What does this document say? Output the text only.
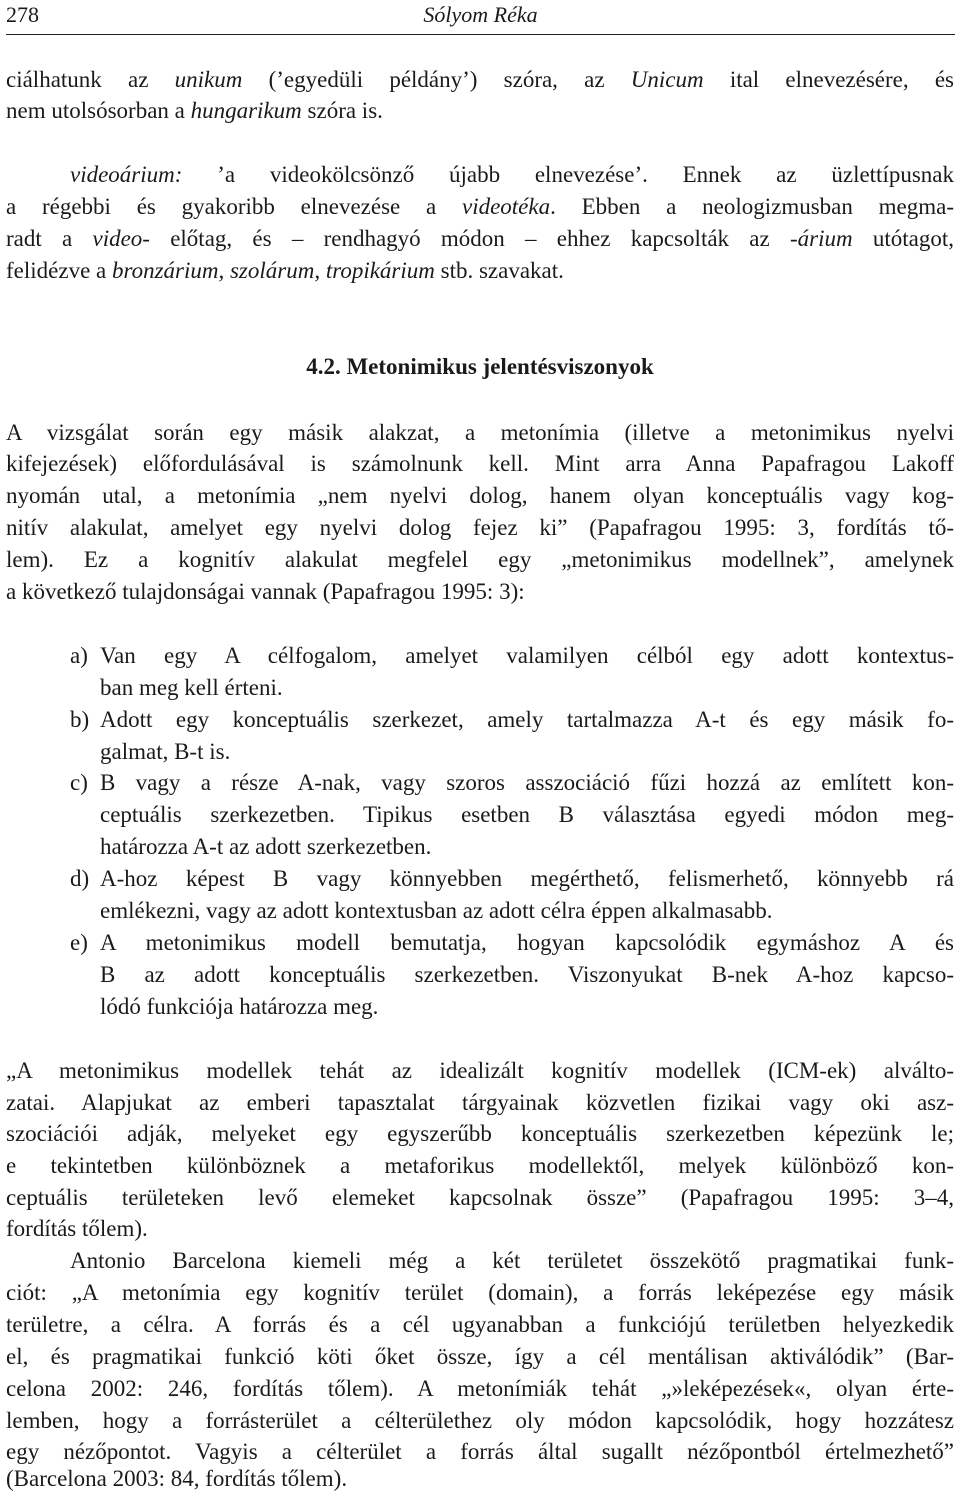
278	Sólyom Réka
ciálhatunk az unikum (’egyedüli példány’) szóra, az Unicum ital elnevezésére, és
nem utolsósorban a hungarikum szóra is.
videoárium: ’a videokölcsönző újabb elnevezése’. Ennek az üzlettípusnak
a régebbi és gyakoribb elnevezése a videotéka. Ebben a neologizmusban megma-
radt a video- előtag, és – rendhagyó módon – ehhez kapcsolták az -árium utótagot,
felidézve a bronzárium, szolárum, tropikárium stb. szavakat.
4.2. Metonimikus jelentésviszonyok
A vizsgálat során egy másik alakzat, a metonímia (illetve a metonimikus nyelvi
kifejezések) előfordulásával is számolnunk kell. Mint arra Anna Papafragou Lakoff
nyomán utal, a metonímia „nem nyelvi dolog, hanem olyan konceptuális vagy kog-
nitív alakulat, amelyet egy nyelvi dolog fejez ki” (Papafragou 1995: 3, fordítás tő-
lem). Ez a kognitív alakulat megfelel egy „metonimikus modellnek”, amelynek
a következő tulajdonságai vannak (Papafragou 1995: 3):
a) Van egy A célfogalom, amelyet valamilyen célból egy adott kontextus-
ban meg kell érteni.
b) Adott egy konceptuális szerkezet, amely tartalmazza A-t és egy másik fo-
galmat, B-t is.
c) B vagy a része A-nak, vagy szoros asszociáció fűzi hozzá az említett kon-
ceptuális szerkezetben. Tipikus esetben B választása egyedi módon meg-
határozza A-t az adott szerkezetben.
d) A-hoz képest B vagy könnyebben megérthető, felismerhető, könnyebb rá
emlékezni, vagy az adott kontextusban az adott célra éppen alkalmasabb.
e) A metonimikus modell bemutatja, hogyan kapcsolódik egymáshoz A és
B az adott konceptuális szerkezetben. Viszonyukat B-nek A-hoz kapcso-
lódó funkciója határozza meg.
„A metonimikus modellek tehát az idealizált kognitív modellek (ICM-ek) alválto-
zatai. Alapjukat az emberi tapasztalat tárgyainak közvetlen fizikai vagy oki asz-
szociációi adják, melyeket egy egyszerűbb konceptuális szerkezetben képezünk le;
e tekintetben különböznek a metaforikus modellektől, melyek különböző kon-
ceptuális területeken levő elemeket kapcsolnak össze” (Papafragou 1995: 3–4,
fordítás tőlem).
Antonio Barcelona kiemeli még a két területet összekötő pragmatikai funk-
ciót: „A metonímia egy kognitív terület (domain), a forrás leképezése egy másik
területre, a célra. A forrás és a cél ugyanabban a funkciójú területben helyezkedik
el, és pragmatikai funkció köti őket össze, így a cél mentálisan aktiválódik” (Bar-
celona 2002: 246, fordítás tőlem). A metonímiák tehát „»leképezések«, olyan érte-
lemben, hogy a forrásterület a célterülethez oly módon kapcsolódik, hogy hozzátesz
egy nézőpontot. Vagyis a célterület a forrás által sugallt nézőpontból értelmezhető”
(Barcelona 2003: 84, fordítás tőlem).
